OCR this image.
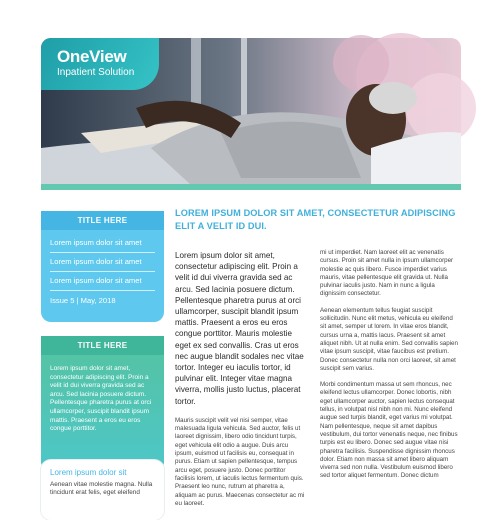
OneView
Inpatient Solution
TITLE HERE
Lorem ipsum dolor sit amet
Lorem ipsum dolor sit amet
Lorem ipsum dolor sit amet
Issue 5 | May, 2018
TITLE HERE
Lorem ipsum dolor sit amet, consectetur adipiscing elit. Proin a velit id dui viverra gravida sed ac arcu. Sed lacinia posuere dictum. Pellentesque pharetra purus at orci ullamcorper, suscipit blandit ipsum mattis. Praesent a eros eu eros congue porttitor.
Lorem ipsum dolor sit
Aenean vitae molestie magna. Nulla tincidunt erat felis, eget eleifend
LOREM IPSUM DOLOR SIT AMET, CONSECTETUR ADIPISCING ELIT A VELIT ID DUI.
Lorem ipsum dolor sit amet, consectetur adipiscing elit. Proin a velit id dui viverra gravida sed ac arcu. Sed lacinia posuere dictum. Pellentesque pharetra purus at orci ullamcorper, suscipit blandit ipsum mattis. Praesent a eros eu eros congue porttitor. Mauris molestie eget ex sed convallis. Cras ut eros nec augue blandit sodales nec vitae tortor. Integer eu iaculis tortor, id pulvinar elit. Integer vitae magna viverra, mollis justo luctus, placerat tortor.
Mauris suscipit velit vel nisi semper, vitae malesuada ligula vehicula. Sed auctor, felis ut laoreet dignissim, libero odio tincidunt turpis, eget vehicula elit odio a augue. Duis arcu ipsum, euismod ut facilisis eu, consequat in purus. Etiam ut sapien pellentesque, tempus arcu eget, posuere justo. Donec porttitor facilisis lorem, ut iaculis lectus fermentum quis. Praesent leo nunc, rutrum at pharetra a, aliquam ac purus. Maecenas consectetur ac mi eu laoreet.

mi ut imperdiet. Nam laoreet elit ac venenatis cursus. Proin sit amet nulla in ipsum ullamcorper molestie ac quis libero. Fusce imperdiet varius mauris, vitae pellentesque elit gravida ut. Nulla pulvinar iaculis justo. Nam in nunc a ligula dignissim consectetur.

Aenean elementum tellus feugiat suscipit sollicitudin. Nunc elit metus, vehicula eu eleifend sit amet, semper ut lorem. In vitae eros blandit, cursus urna a, mattis lacus. Praesent sit amet aliquet nibh. Ut at nulla enim. Sed convallis sapien vitae ipsum suscipit, vitae faucibus est pretium. Donec consectetur nulla non orci laoreet, sit amet suscipit sem varius.

Morbi condimentum massa ut sem rhoncus, nec eleifend lectus ullamcorper. Donec lobortis, nibh eget ullamcorper auctor, sapien lectus consequat tellus, in volutpat nisl nibh non mi. Nunc eleifend augue sed turpis blandit, eget varius mi volutpat. Nam pellentesque, neque sit amet dapibus vestibulum, dui tortor venenatis neque, nec finibus turpis est eu libero. Donec sed augue vitae nisi pharetra facilisis. Suspendisse dignissim rhoncus dolor. Etiam non massa sit amet libero aliquam viverra sed non nulla. Vestibulum euismod libero sed tortor aliquet fermentum. Donec dictum
